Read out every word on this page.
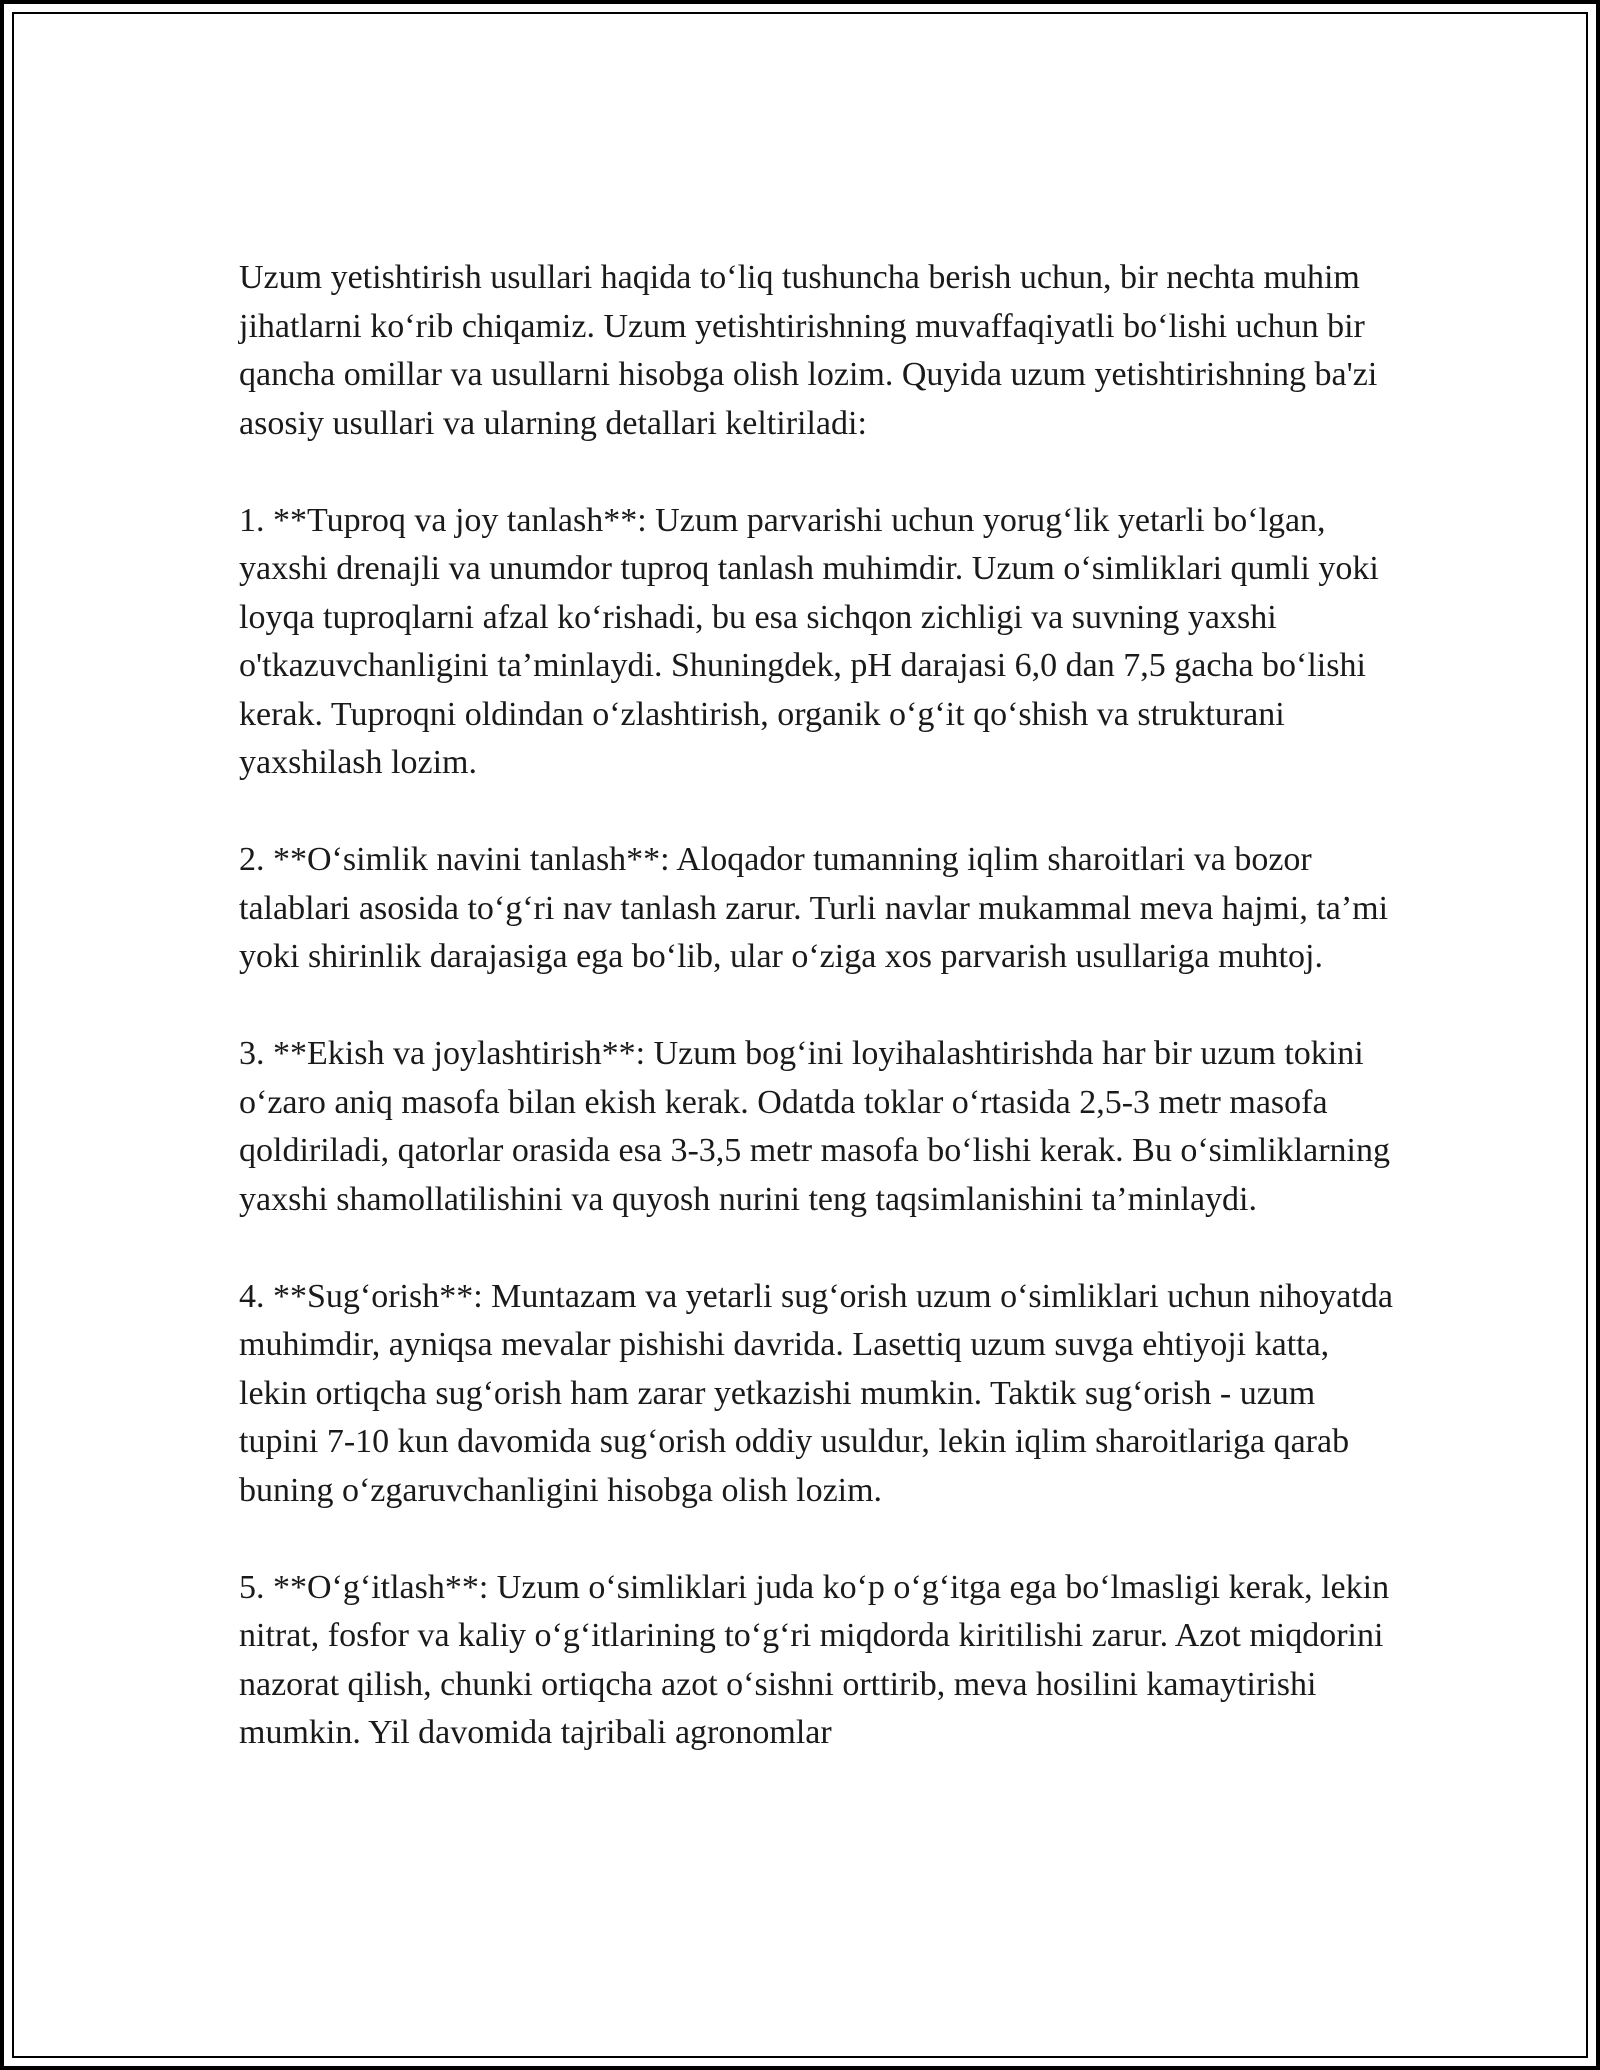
Uzum yetishtirish usullari haqida to‘liq tushuncha berish uchun, bir nechta muhim jihatlarni ko‘rib chiqamiz. Uzum yetishtirishning muvaffaqiyatli bo‘lishi uchun bir qancha omillar va usullarni hisobga olish lozim. Quyida uzum yetishtirishning ba'zi asosiy usullari va ularning detallari keltiriladi:

1. **Tuproq va joy tanlash**: Uzum parvarishi uchun yorug‘lik yetarli bo‘lgan, yaxshi drenajli va unumdor tuproq tanlash muhimdir. Uzum o‘simliklari qumli yoki loyqa tuproqlarni afzal ko‘rishadi, bu esa sichqon zichligi va suvning yaxshi o'tkazuvchanligini ta’minlaydi. Shuningdek, pH darajasi 6,0 dan 7,5 gacha bo‘lishi kerak. Tuproqni oldindan o‘zlashtirish, organik o‘g‘it qo‘shish va strukturani yaxshilash lozim.

2. **O‘simlik navini tanlash**: Aloqador tumanning iqlim sharoitlari va bozor talablari asosida to‘g‘ri nav tanlash zarur. Turli navlar mukammal meva hajmi, ta’mi yoki shirinlik darajasiga ega bo‘lib, ular o‘ziga xos parvarish usullariga muhtoj.

3. **Ekish va joylashtirish**: Uzum bog‘ini loyihalashtirishda har bir uzum tokini o‘zaro aniq masofa bilan ekish kerak. Odatda toklar o‘rtasida 2,5-3 metr masofa qoldiriladi, qatorlar orasida esa 3-3,5 metr masofa bo‘lishi kerak. Bu o‘simliklarning yaxshi shamollatilishini va quyosh nurini teng taqsimlanishini ta’minlaydi.

4. **Sug‘orish**: Muntazam va yetarli sug‘orish uzum o‘simliklari uchun nihoyatda muhimdir, ayniqsa mevalar pishishi davrida. Lasettiq uzum suvga ehtiyoji katta, lekin ortiqcha sug‘orish ham zarar yetkazishi mumkin. Taktik sug‘orish - uzum tupini 7-10 kun davomida sug‘orish oddiy usuldur, lekin iqlim sharoitlariga qarab buning o‘zgaruvchanligini hisobga olish lozim.

5. **O‘g‘itlash**: Uzum o‘simliklari juda ko‘p o‘g‘itga ega bo‘lmasligi kerak, lekin nitrat, fosfor va kaliy o‘g‘itlarining to‘g‘ri miqdorda kiritilishi zarur. Azot miqdorini nazorat qilish, chunki ortiqcha azot o‘sishni orttirib, meva hosilini kamaytirishi mumkin. Yil davomida tajribali agronomlar
